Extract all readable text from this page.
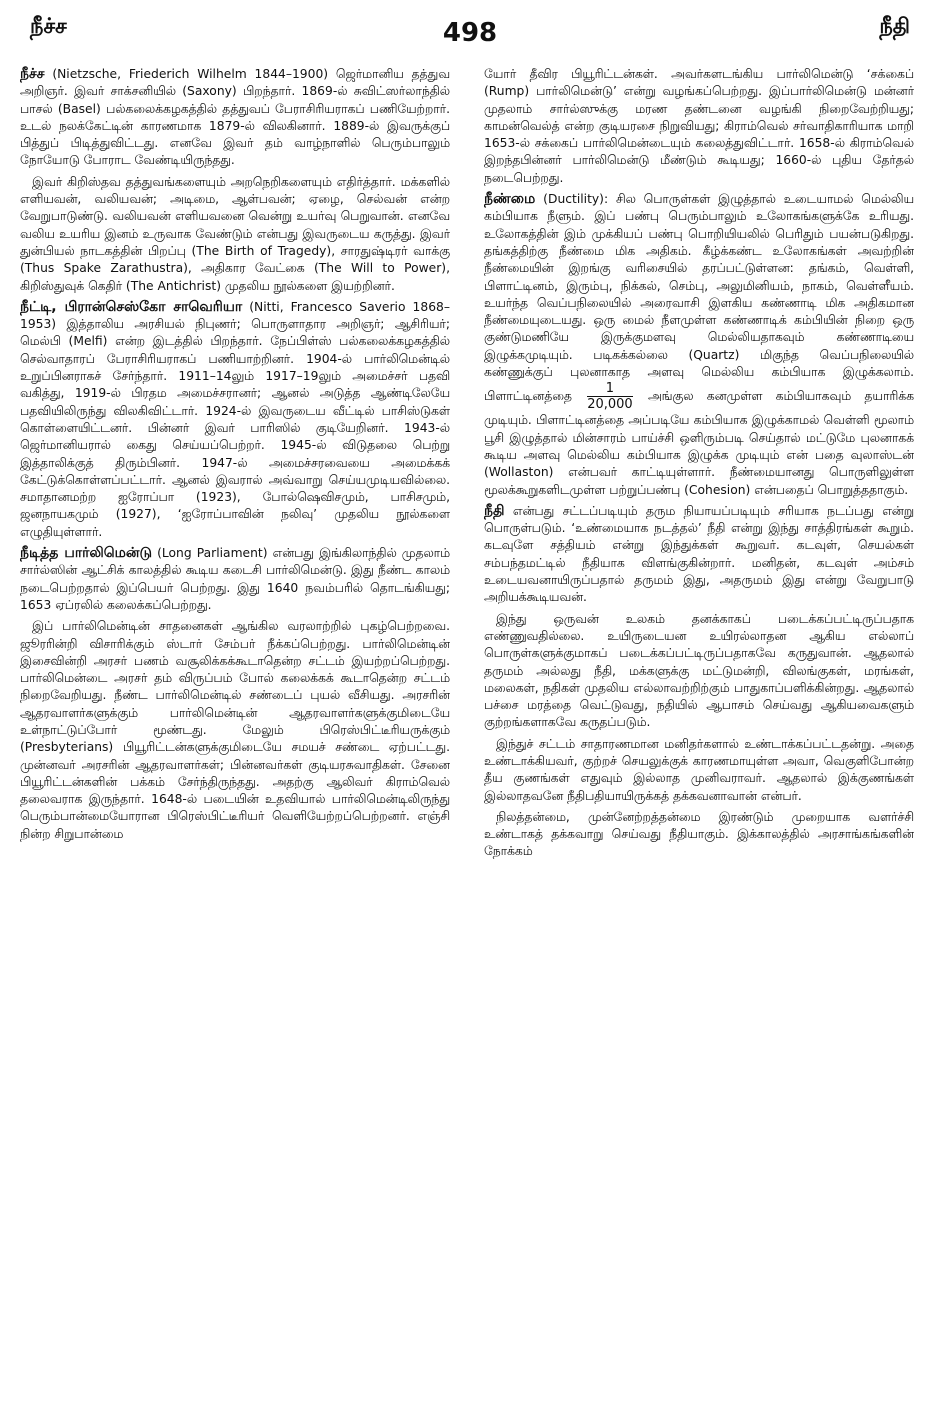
நீச்ச	498	நீதி

நீச்ச (Nietzsche, Friederich Wilhelm 1844–1900) ஜெர்மானிய தத்துவ அறிஞர். இவர் சாக்சனியில் (Saxony) பிறந்தார். 1869-ல் சுவிட்ஸர்லாந்தில் பாசல் (Basel) பல்கலைக்கழகத்தில் தத்துவப் பேராசிரியராகப் பணியேற்றார். உடல் நலக்கேட்டின் காரணமாக 1879-ல் விலகினார். 1889-ல் இவருக்குப் பித்துப் பிடித்துவிட்டது. எனவே இவர் தம் வாழ்நாளில் பெரும்பாலும் நோயோடு போராட வேண்டியிருந்தது.

இவர் கிறிஸ்தவ தத்துவங்களையும் அறநெறிகளையும் எதிர்த்தார். மக்களில் எளியவன், வலியவன்; அடிமை, ஆள்பவன்; ஏழை, செல்வன் என்ற வேறுபாடுண்டு. வலியவன் எளியவனை வென்று உயர்வு பெறுவான். எனவே வலிய உயரிய இனம் உருவாக வேண்டும் என்பது இவருடைய கருத்து. இவர் துன்பியல் நாடகத்தின் பிறப்பு (The Birth of Tragedy), சாரதுஷ்டிரர் வாக்கு (Thus Spake Zarathustra), அதிகார வேட்கை (The Will to Power), கிறிஸ்துவுக் கெதிர் (The Antichrist) முதலிய நூல்களை இயற்றினர்.

நீட்டி, பிரான்செஸ்கோ சாவெரியா (Nitti, Francesco Saverio 1868–1953) இத்தாலிய அரசியல் நிபுணர்; பொருளாதார அறிஞர்; ஆசிரியர்; மெல்பி (Melfi) என்ற இடத்தில் பிறந்தார். நேப்பிள்ஸ் பல்கலைக்கழகத்தில் செல்வாதாரப் பேராசிரியராகப் பணியாற்றினர். 1904-ல் பார்லிமென்டில் உறுப்பினராகச் சேர்ந்தார். 1911–14லும் 1917–19லும் அமைச்சர் பதவி வகித்து, 1919-ல் பிரதம அமைச்சரானர்; ஆனல் அடுத்த ஆண்டிலேயே பதவியிலிருந்து விலகிவிட்டார். 1924-ல் இவருடைய வீட்டில் பாசிஸ்டுகள் கொள்ளையிட்டனர். பின்னர் இவர் பாரிஸில் குடியேறினர். 1943-ல் ஜெர்மானியரால் கைது செய்யப்பெற்றர். 1945-ல் விடுதலை பெற்று இத்தாலிக்குத் திரும்பினர். 1947-ல் அமைச்சரவையை அமைக்கக் கேட்டுக்கொள்ளப்பட்டார். ஆனல் இவரால் அவ்வாறு செய்யமுடியவில்லை. சமாதானமற்ற ஐரோப்பா (1923), போல்ஷெவிசமும், பாசிசமும், ஜனநாயகமும் (1927), ‘ஐரோப்பாவின் நலிவு’ முதலிய நூல்களை எழுதியுள்ளார்.

நீடித்த பார்லிமென்டு (Long Parliament) என்பது இங்கிலாந்தில் முதலாம் சார்ல்ஸின் ஆட்சிக் காலத்தில் கூடிய கடைசி பார்லிமென்டு. இது நீண்ட காலம் நடைபெற்றதால் இப்பெயர் பெற்றது. இது 1640 நவம்பரில் தொடங்கியது; 1653 ஏப்ரலில் கலைக்கப்பெற்றது.

இப் பார்லிமென்டின் சாதனைகள் ஆங்கில வரலாற்றில் புகழ்பெற்றவை. ஜூரரின்றி விசாரிக்கும் ஸ்டார் சேம்பர் நீக்கப்பெற்றது. பார்லிமென்டின் இசைவின்றி அரசர் பணம் வசூலிக்கக்கூடாதென்ற சட்டம் இயற்றப்பெற்றது. பார்லிமென்டை அரசர் தம் விருப்பம் போல் கலைக்கக் கூடாதென்ற சட்டம் நிறைவேறியது. நீண்ட பார்லிமென்டில் சண்டைப் புயல் வீசியது. அரசரின் ஆதரவாளர்களுக்கும் பார்லிமென்டின் ஆதரவாளர்களுக்குமிடையே உள்நாட்டுப்போர் மூண்டது. மேலும் பிரெஸ்பிட்டீரியருக்கும் (Presbyterians) பியூரிட்டன்களுக்குமிடையே சமயச் சண்டை ஏற்பட்டது. முன்னவர் அரசரின் ஆதரவாளர்கள்; பின்னவர்கள் குடியரசுவாதிகள். சேனை பியூரிட்டன்களின் பக்கம் சேர்ந்திருந்தது. அதற்கு ஆலிவர் கிராம்வெல் தலைவராக இருந்தார். 1648-ல் படையின் உதவியால் பார்லிமென்டிலிருந்து பெரும்பான்மையோரான பிரெஸ்பிட்டீரியர் வெளியேற்றப்பெற்றனர். எஞ்சி நின்ற சிறுபான்மை

யோர் தீவிர பியூரிட்டன்கள். அவர்களடங்கிய பார்லிமென்டு ‘சக்கைப் (Rump) பார்லிமென்டு’ என்று வழங்கப்பெற்றது. இப்பார்லிமென்டு மன்னர் முதலாம் சார்ல்ஸுக்கு மரண தண்டனை வழங்கி நிறைவேற்றியது; காமன்வெல்த் என்ற குடியரசை நிறுவியது; கிராம்வெல் சர்வாதிகாரியாக மாறி 1653-ல் சக்கைப் பார்லிமென்டையும் கலைத்துவிட்டார். 1658-ல் கிராம்வெல் இறந்தபின்னர் பார்லிமென்டு மீண்டும் கூடியது; 1660-ல் புதிய தேர்தல் நடைபெற்றது.

நீண்மை (Ductility): சில பொருள்கள் இழுத்தால் உடையாமல் மெல்லிய கம்பியாக நீளும். இப் பண்பு பெரும்பாலும் உலோகங்களுக்கே உரியது. உலோகத்தின் இம் முக்கியப் பண்பு பொறியியலில் பெரிதும் பயன்படுகிறது. தங்கத்திற்கு நீண்மை மிக அதிகம். கீழ்க்கண்ட உலோகங்கள் அவற்றின் நீண்மையின் இறங்கு வரிசையில் தரப்பட்டுள்ளன: தங்கம், வெள்ளி, பிளாட்டினம், இரும்பு, நிக்கல், செம்பு, அலுமினியம், நாகம், வெள்ளீயம். உயர்ந்த வெப்பநிலையில் அரைவாசி இளகிய கண்ணாடி மிக அதிகமான நீண்மையுடையது. ஒரு மைல் நீளமுள்ள கண்ணாடிக் கம்பியின் நிறை ஒரு குண்டுமணியே இருக்குமளவு மெல்லியதாகவும் கண்ணாடியை இழுக்கமுடியும். படிகக்கல்லை (Quartz) மிகுந்த வெப்பநிலையில் கண்ணுக்குப் புலனாகாத அளவு மெல்லிய கம்பியாக இழுக்கலாம். பிளாட்டினத்தை $\frac{1}{20,000}$ அங்குல கனமுள்ள கம்பியாகவும் தயாரிக்க முடியும். பிளாட்டினத்தை அப்படியே கம்பியாக இழுக்காமல் வெள்ளி மூலாம் பூசி இழுத்தால் மின்சாரம் பாய்ச்சி ஒளிரும்படி செய்தால் மட்டுமே புலனாகக் கூடிய அளவு மெல்லிய கம்பியாக இழுக்க முடியும் என் பதை வுலாஸ்டன் (Wollaston) என்பவர் காட்டியுள்ளார். நீண்மையானது பொருளிலுள்ள மூலக்கூறுகளிடமுள்ள பற்றுப்பண்பு (Cohesion) என்பதைப் பொறுத்ததாகும்.

நீதி என்பது சட்டப்படியும் தரும நியாயப்படியும் சரியாக நடப்பது என்று பொருள்படும். ‘உண்மையாக நடத்தல்’ நீதி என்று இந்து சாத்திரங்கள் கூறும். கடவுளே சத்தியம் என்று இந்துக்கள் கூறுவர். கடவுள், செயல்கள் சம்பந்தமட்டில் நீதியாக விளங்குகின்றார். மனிதன், கடவுள் அம்சம் உடையவனாயிருப்பதால் தருமம் இது, அதருமம் இது என்று வேறுபாடு அறியக்கூடியவன்.

இந்து ஒருவன் உலகம் தனக்காகப் படைக்கப்பட்டிருப்பதாக எண்ணுவதில்லை. உயிருடையன உயிரல்லாதன ஆகிய எல்லாப் பொருள்களுக்குமாகப் படைக்கப்பட்டிருப்பதாகவே கருதுவான். ஆதலால் தருமம் அல்லது நீதி, மக்களுக்கு மட்டுமன்றி, விலங்குகள், மரங்கள், மலைகள், நதிகள் முதலிய எல்லாவற்றிற்கும் பாதுகாப்பளிக்கின்றது. ஆதலால் பச்சை மரத்தை வெட்டுவது, நதியில் ஆபாசம் செய்வது ஆகியவைகளும் குற்றங்களாகவே கருதப்படும்.

இந்துச் சட்டம் சாதாரணமான மனிதர்களால் உண்டாக்கப்பட்டதன்று. அதை உண்டாக்கியவர், குற்றச் செயலுக்குக் காரணமாயுள்ள அவா, வெகுளிபோன்ற தீய குணங்கள் எதுவும் இல்லாத முனிவராவர். ஆதலால் இக்குணங்கள் இல்லாதவனே நீதிபதியாயிருக்கத் தக்கவனாவான் என்பர்.

நிலத்தன்மை, முன்னேற்றத்தன்மை இரண்டும் முறையாக வளர்ச்சி உண்டாகத் தக்கவாறு செய்வது நீதியாகும். இக்காலத்தில் அரசாங்கங்களின் நோக்கம்
